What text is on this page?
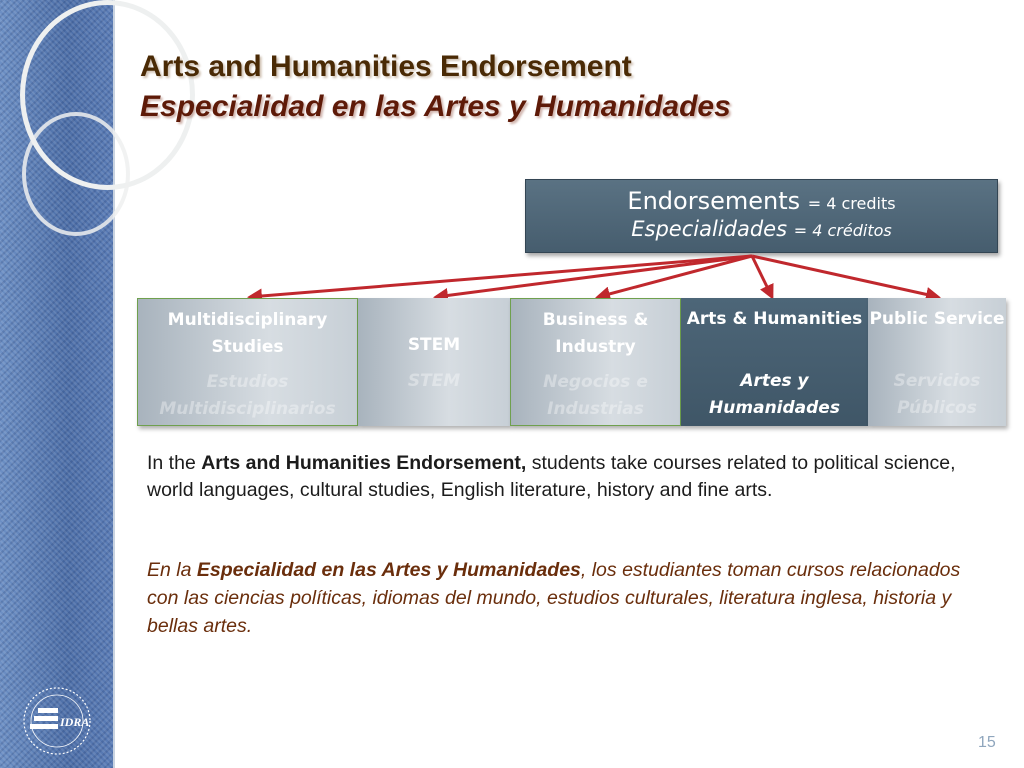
IDRA
Arts and Humanities Endorsement
Especialidad en las Artes y Humanidades
Endorsements = 4 credits
Especialidades = 4 créditos
Multidisciplinary Studies
Estudios Multidisciplinarios
STEM
STEM
Business & Industry
Negocios e Industrias
Arts & Humanities
Artes y Humanidades
Public Service
Servicios Públicos

In the Arts and Humanities Endorsement, students take courses related to political science, world languages, cultural studies, English literature, history and fine arts.

En la Especialidad en las Artes y Humanidades, los estudiantes toman cursos relacionados con las ciencias políticas, idiomas del mundo, estudios culturales, literatura inglesa, historia y bellas artes.

15
